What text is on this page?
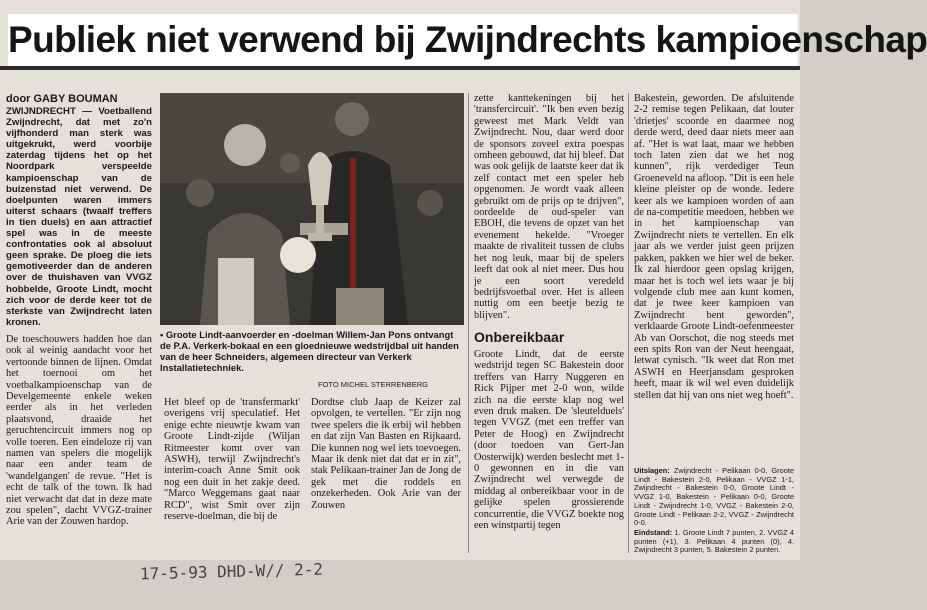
Publiek niet verwend bij Zwijndrechts kampioenschap
door GABY BOUMAN

ZWIJNDRECHT — Voetballend Zwijndrecht, dat met zo'n vijfhonderd man sterk was uitgekrukt, werd voorbije zaterdag tijdens het op het Noordpark verspeelde kampioenschap van de buizenstad niet verwend. De doelpunten waren immers uiterst schaars (twaalf treffers in tien duels) en aan attractief spel was in de meeste confrontaties ook al absoluut geen sprake. De ploeg die iets gemotiveerder dan de anderen over de thuishaven van VVGZ hobbelde, Groote Lindt, mocht zich voor de derde keer tot de sterkste van Zwijndrecht laten kronen.

De toeschouwers hadden hoe dan ook al weinig aandacht voor het vertoonde binnen de lijnen. Omdat het toernooi om het voetbalkampioenschap van de Develgemeente enkele weken eerder als in het verleden plaatsvond, draaide het geruchtencircuit immers nog op volle toeren. Een eindeloze rij van namen van spelers die mogelijk naar een ander team de 'wandelgangen' de revue. "Het is echt de talk of the town. Ik had niet verwacht dat dat in deze mate zou spelen", dacht VVGZ-trainer Arie van der Zouwen hardop.

• Groote Lindt-aanvoerder en -doelman Willem-Jan Pons ontvangt de P.A. Verkerk-bokaal en een gloednieuwe wedstrijdbal uit handen van de heer Schneiders, algemeen directeur van Verkerk Installatietechniek.
FOTO MICHEL STERRENBERG

Het bleef op de 'transfermarkt' overigens vrij speculatief. Het enige echte nieuwtje kwam van Groote Lindt-zijde (Wiljan Ritmeester komt over van ASWH), terwijl Zwijndrecht's interim-coach Anne Smit ook nog een duit in het zakje deed. "Marco Weggemans gaat naar RCD", wist Smit over zijn reserve-doelman, die bij de

Dordtse club Jaap de Keizer zal opvolgen, te vertellen. "Er zijn nog twee spelers die ik erbij wil hebben en dat zijn Van Basten en Rijkaard. Die kunnen nog wel iets toevoegen. Maar ik denk niet dat dat er in zit", stak Pelikaan-trainer Jan de Jong de gek met die roddels en onzekerheden. Ook Arie van der Zouwen

zette kanttekeningen bij het 'transfercircuit'. "Ik ben even bezig geweest met Mark Veldt van Zwijndrecht. Nou, daar werd door de sponsors zoveel extra poespas omheen gebouwd, dat hij bleef. Dat was ook gelijk de laatste keer dat ik zelf contact met een speler heb opgenomen. Je wordt vaak alleen gebruikt om de prijs op te drijven", oordeelde de oud-speler van EBOH, die tevens de opzet van het evenement hekelde. "Vroeger maakte de rivaliteit tussen de clubs het nog leuk, maar bij de spelers leeft dat ook al niet meer. Dus hou je een soort veredeld bedrijfsvoetbal over. Het is alleen nuttig om een beetje bezig te blijven".

Onbereikbaar

Groote Lindt, dat de eerste wedstrijd tegen SC Bakestein door treffers van Harry Nuggeren en Rick Pijper met 2-0 won, wilde zich na die eerste klap nog wel even druk maken. De 'sleutelduels' tegen VVGZ (met een treffer van Peter de Hoog) en Zwijndrecht (door toedoen van Gert-Jan Oosterwijk) werden beslecht met 1-0 gewonnen en in die van Zwijndrecht wel verwegde de middag al onbereikbaar voor in de gelijke spelen grossierende concurrentie, die VVGZ boekte nog een winstpartij tegen

Bakestein, geworden. De afsluitende 2-2 remise tegen Pelikaan, dat louter 'drietjes' scoorde en daarmee nog derde werd, deed daar niets meer aan af. "Het is wat laat, maar we hebben toch laten zien dat we het nog kunnen", rijk verdediger Teun Groeneveld na afloop. "Dit is een hele kleine pleister op de wonde. Iedere keer als we kampioen worden of aan de na-competitie meedoen, hebben we in het kampioenschap van Zwijndrecht niets te vertellen. En elk jaar als we verder juist geen prijzen pakken, pakken we hier wel de beker. Ik zal hierdoor geen opslag krijgen, maar het is toch wel iets waar je bij volgende club mee aan kunt komen, dat je twee keer kampioen van Zwijndrecht bent geworden", verklaarde Groote Lindt-oefenmeester Ab van Oorschot, die nog steeds met een spits Ron van der Neut heengaat, letwat cynisch. "Ik weet dat Ron met ASWH en Heerjansdam gesproken heeft, maar ik wil wel even duidelijk stellen dat hij van ons niet weg hoeft".

Uitslagen: Zwijndrecht - Pelikaan 0-0, Groote Lindt - Bakestein 2-0, Pelikaan - VVGZ 1-1, Zwijndrecht - Bakestein 0-0, Groote Lindt - VVGZ 1-0, Bakestein - Pelikaan 0-0, Groote Lindt - Zwijndrecht 1-0, VVGZ - Bakestein 2-0, Groote Lindt - Pelikaan 2-2, VVGZ - Zwijndrecht 0-0.

Eindstand: 1. Groote Lindt 7 punten, 2. VVGZ 4 punten (+1), 3. Pelikaan 4 punten (0), 4. Zwijndrecht 3 punten, 5. Bakestein 2 punten.

17-5-93 DHD-W// 2-2
